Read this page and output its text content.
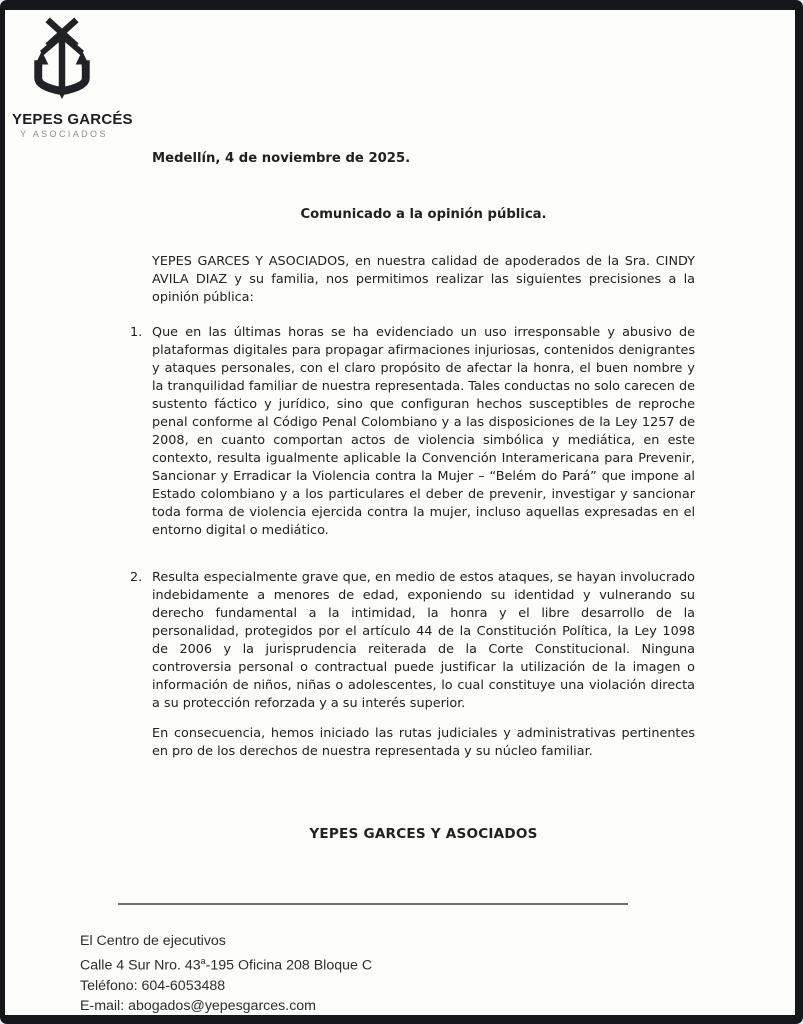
YEPES GARCÉS
Y ASOCIADOS
Medellín, 4 de noviembre de 2025.
Comunicado a la opinión pública.

YEPES GARCES Y ASOCIADOS, en nuestra calidad de apoderados de la Sra. CINDY AVILA DIAZ y su familia, nos permitimos realizar las siguientes precisiones a la opinión pública:

1. Que en las últimas horas se ha evidenciado un uso irresponsable y abusivo de plataformas digitales para propagar afirmaciones injuriosas, contenidos denigrantes y ataques personales, con el claro propósito de afectar la honra, el buen nombre y la tranquilidad familiar de nuestra representada. Tales conductas no solo carecen de sustento fáctico y jurídico, sino que configuran hechos susceptibles de reproche penal conforme al Código Penal Colombiano y a las disposiciones de la Ley 1257 de 2008, en cuanto comportan actos de violencia simbólica y mediática, en este contexto, resulta igualmente aplicable la Convención Interamericana para Prevenir, Sancionar y Erradicar la Violencia contra la Mujer – “Belém do Pará” que impone al Estado colombiano y a los particulares el deber de prevenir, investigar y sancionar toda forma de violencia ejercida contra la mujer, incluso aquellas expresadas en el entorno digital o mediático.
2. Resulta especialmente grave que, en medio de estos ataques, se hayan involucrado indebidamente a menores de edad, exponiendo su identidad y vulnerando su derecho fundamental a la intimidad, la honra y el libre desarrollo de la personalidad, protegidos por el artículo 44 de la Constitución Política, la Ley 1098 de 2006 y la jurisprudencia reiterada de la Corte Constitucional. Ninguna controversia personal o contractual puede justificar la utilización de la imagen o información de niños, niñas o adolescentes, lo cual constituye una violación directa a su protección reforzada y a su interés superior.

En consecuencia, hemos iniciado las rutas judiciales y administrativas pertinentes en pro de los derechos de nuestra representada y su núcleo familiar.

YEPES GARCES Y ASOCIADOS
El Centro de ejecutivos
Calle 4 Sur Nro. 43$^a$-195 Oficina 208 Bloque C
Teléfono: 604-6053488
E-mail: abogados@yepesgarces.com
